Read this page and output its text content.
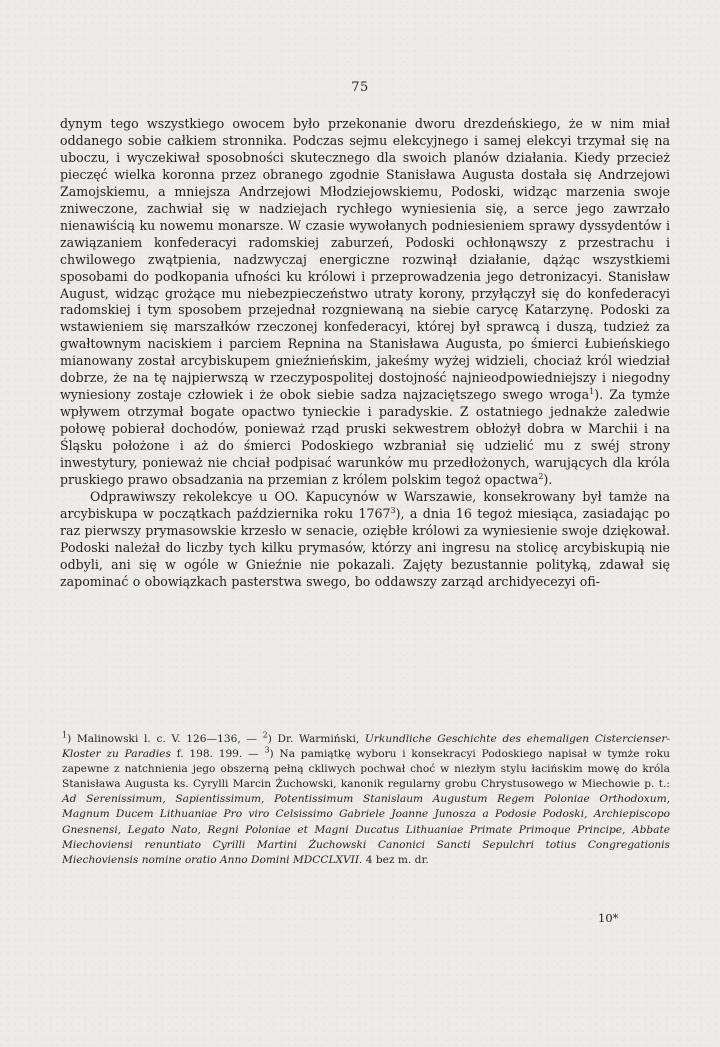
75

dynym tego wszystkiego owocem było przekonanie dworu drezdeńskiego, że w nim miał oddanego sobie całkiem stronnika. Podczas sejmu elekcyjnego i samej elekcyi trzymał się na uboczu, i wyczekiwał sposobności skutecznego dla swoich planów działania. Kiedy przecież pieczęć wielka koronna przez obranego zgodnie Stanisława Augusta dostała się Andrzejowi Zamojskiemu, a mniejsza Andrzejowi Młodziejowskiemu, Podoski, widząc marzenia swoje zniweczone, zachwiał się w nadziejach rychłego wyniesienia się, a serce jego zawrzało nienawiścią ku nowemu monarsze. W czasie wywołanych podniesieniem sprawy dyssydentów i zawiązaniem konfederacyi radomskiej zaburzeń, Podoski ochłonąwszy z przestrachu i chwilowego zwątpienia, nadzwyczaj energiczne rozwinął działanie, dążąc wszystkiemi sposobami do podkopania ufności ku królowi i przeprowadzenia jego detronizacyi. Stanisław August, widząc grożące mu niebezpieczeństwo utraty korony, przyłączył się do konfederacyi radomskiej i tym sposobem przejednał rozgniewaną na siebie carycę Katarzynę. Podoski za wstawieniem się marszałków rzeczonej konfederacyi, której był sprawcą i duszą, tudzież za gwałtownym naciskiem i parciem Repnina na Stanisława Augusta, po śmierci Łubieńskiego mianowany został arcybiskupem gnieźnieńskim, jakeśmy wyżej widzieli, chociaż król wiedział dobrze, że na tę najpierwszą w rzeczypospolitej dostojność najnieodpowiedniejszy i niegodny wyniesiony zostaje człowiek i że obok siebie sadza najzaciętszego swego wroga$^1$). Za tymże wpływem otrzymał bogate opactwo tynieckie i paradyskie. Z ostatniego jednakże zaledwie połowę pobierał dochodów, ponieważ rząd pruski sekwestrem obłożył dobra w Marchii i na Śląsku położone i aż do śmierci Podoskiego wzbraniał się udzielić mu z swéj strony inwestytury, ponieważ nie chciał podpisać warunków mu przedłożonych, warujących dla króla pruskiego prawo obsadzania na przemian z królem polskim tegoż opactwa$^2$).

Odprawiwszy rekolekcye u OO. Kapucynów w Warszawie, konsekrowany był tamże na arcybiskupa w początkach października roku 1767$^3$), a dnia 16 tegoż miesiąca, zasiadając po raz pierwszy prymasowskie krzesło w senacie, oziębłe królowi za wyniesienie swoje dziękował. Podoski należał do liczby tych kilku prymasów, którzy ani ingresu na stolicę arcybiskupią nie odbyli, ani się w ogóle w Gnieźnie nie pokazali. Zajęty bezustannie polityką, zdawał się zapominać o obowiązkach pasterstwa swego, bo oddawszy zarząd archidyecezyi ofi-

$^1$) Malinowski l. c. V. 126—136, — $^2$) Dr. Warmiński, Urkundliche Geschichte des ehemaligen Cistercienser-Kloster zu Paradies f. 198. 199. — $^3$) Na pamiątkę wyboru i konsekracyi Podoskiego napisał w tymże roku zapewne z natchnienia jego obszerną pełną ckliwych pochwał choć w niezłym stylu łacińskim mowę do króla Stanisława Augusta ks. Cyrylli Marcin Żuchowski, kanonik regularny grobu Chrystusowego w Miechowie p. t.: Ad Serenissimum, Sapientissimum, Potentissimum Stanislaum Augustum Regem Poloniae Orthodoxum, Magnum Ducem Lithuaniae Pro viro Celsissimo Gabriele Joanne Junosza a Podosie Podoski, Archiepiscopo Gnesnensi, Legato Nato, Regni Poloniae et Magni Ducatus Lithuaniae Primate Primoque Principe, Abbate Miechoviensi renuntiato Cyrilli Martini Żuchowski Canonici Sancti Sepulchri totius Congregationis Miechoviensis nomine oratio Anno Domini MDCCLXVII. 4 bez m. dr.

10*
